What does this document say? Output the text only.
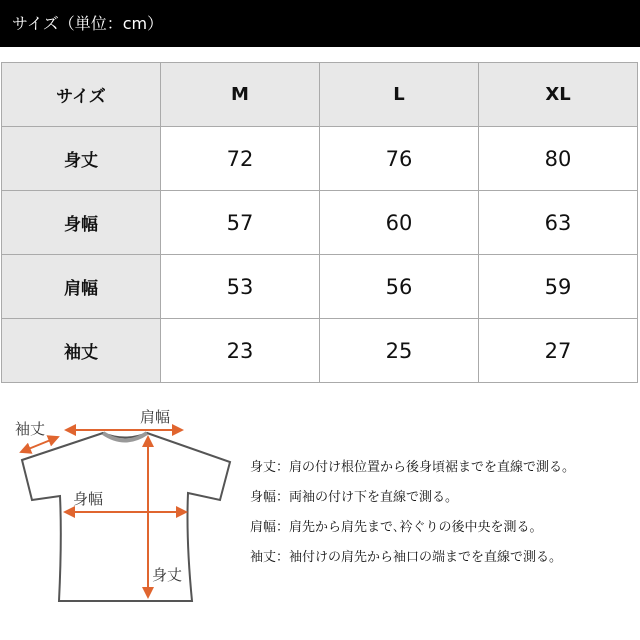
サイズ（単位：cm）
サイズ	M	L	XL
身丈	72	76	80
身幅	57	60	63
肩幅	53	56	59
袖丈	23	25	27
袖丈
肩幅
身幅
身丈
身丈：肩の付け根位置から後身頃裾までを直線で測る。
身幅：両袖の付け下を直線で測る。
肩幅：肩先から肩先まで､衿ぐりの後中央を測る。
袖丈：袖付けの肩先から袖口の端までを直線で測る。
